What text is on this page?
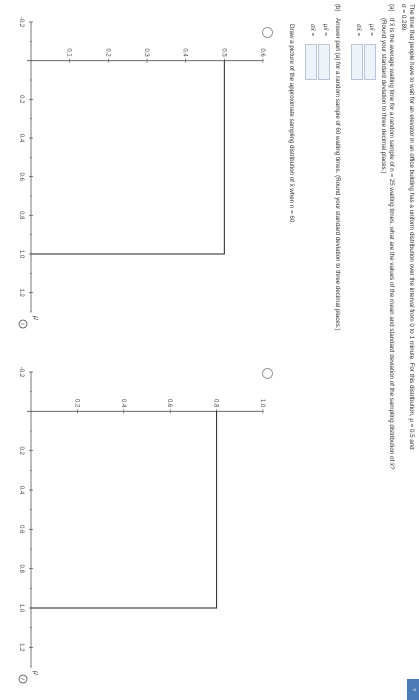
?
The time that people have to wait for an elevator in an office building has a uniform distribution over the interval from 0 to 1 minute. For this distribution, μ = 0.5 and
σ = 0.289.
(a)
If x̄ is the average waiting time for a random sample of n = 25 waiting times, what are the values of the mean and standard deviation of the sampling distribution of x̄?
(Round your standard deviation to three decimal places.)
μx̄ =
σx̄ =
(b)
Answer part (a) for a random sample of 60 waiting times. (Round your standard deviation to three decimal places.)
μx̄ =
σx̄ =
Draw a picture of the approximate sampling distribution of x̄ when n = 60.
-0.2
0.2
0.4
0.6
0.8
1.0
1.2
0.1	0.2	0.3	0.4	0.5	0.6
μ
i
-0.2
0.2
0.4
0.6
0.8
1.0
1.2
0.2	0.4	0.6	0.8	1.0
μ
i
